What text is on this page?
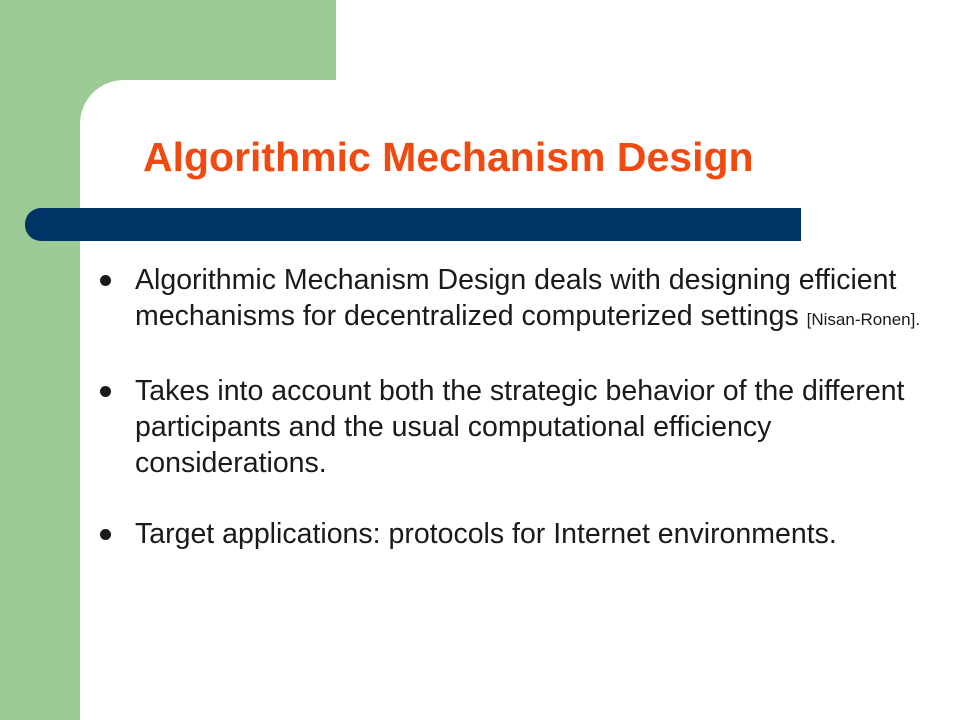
Algorithmic Mechanism Design
Algorithmic Mechanism Design deals with designing efficient mechanisms for decentralized computerized settings [Nisan-Ronen].
Takes into account both the strategic behavior of the different participants and the usual computational efficiency considerations.
Target applications: protocols for Internet environments.
